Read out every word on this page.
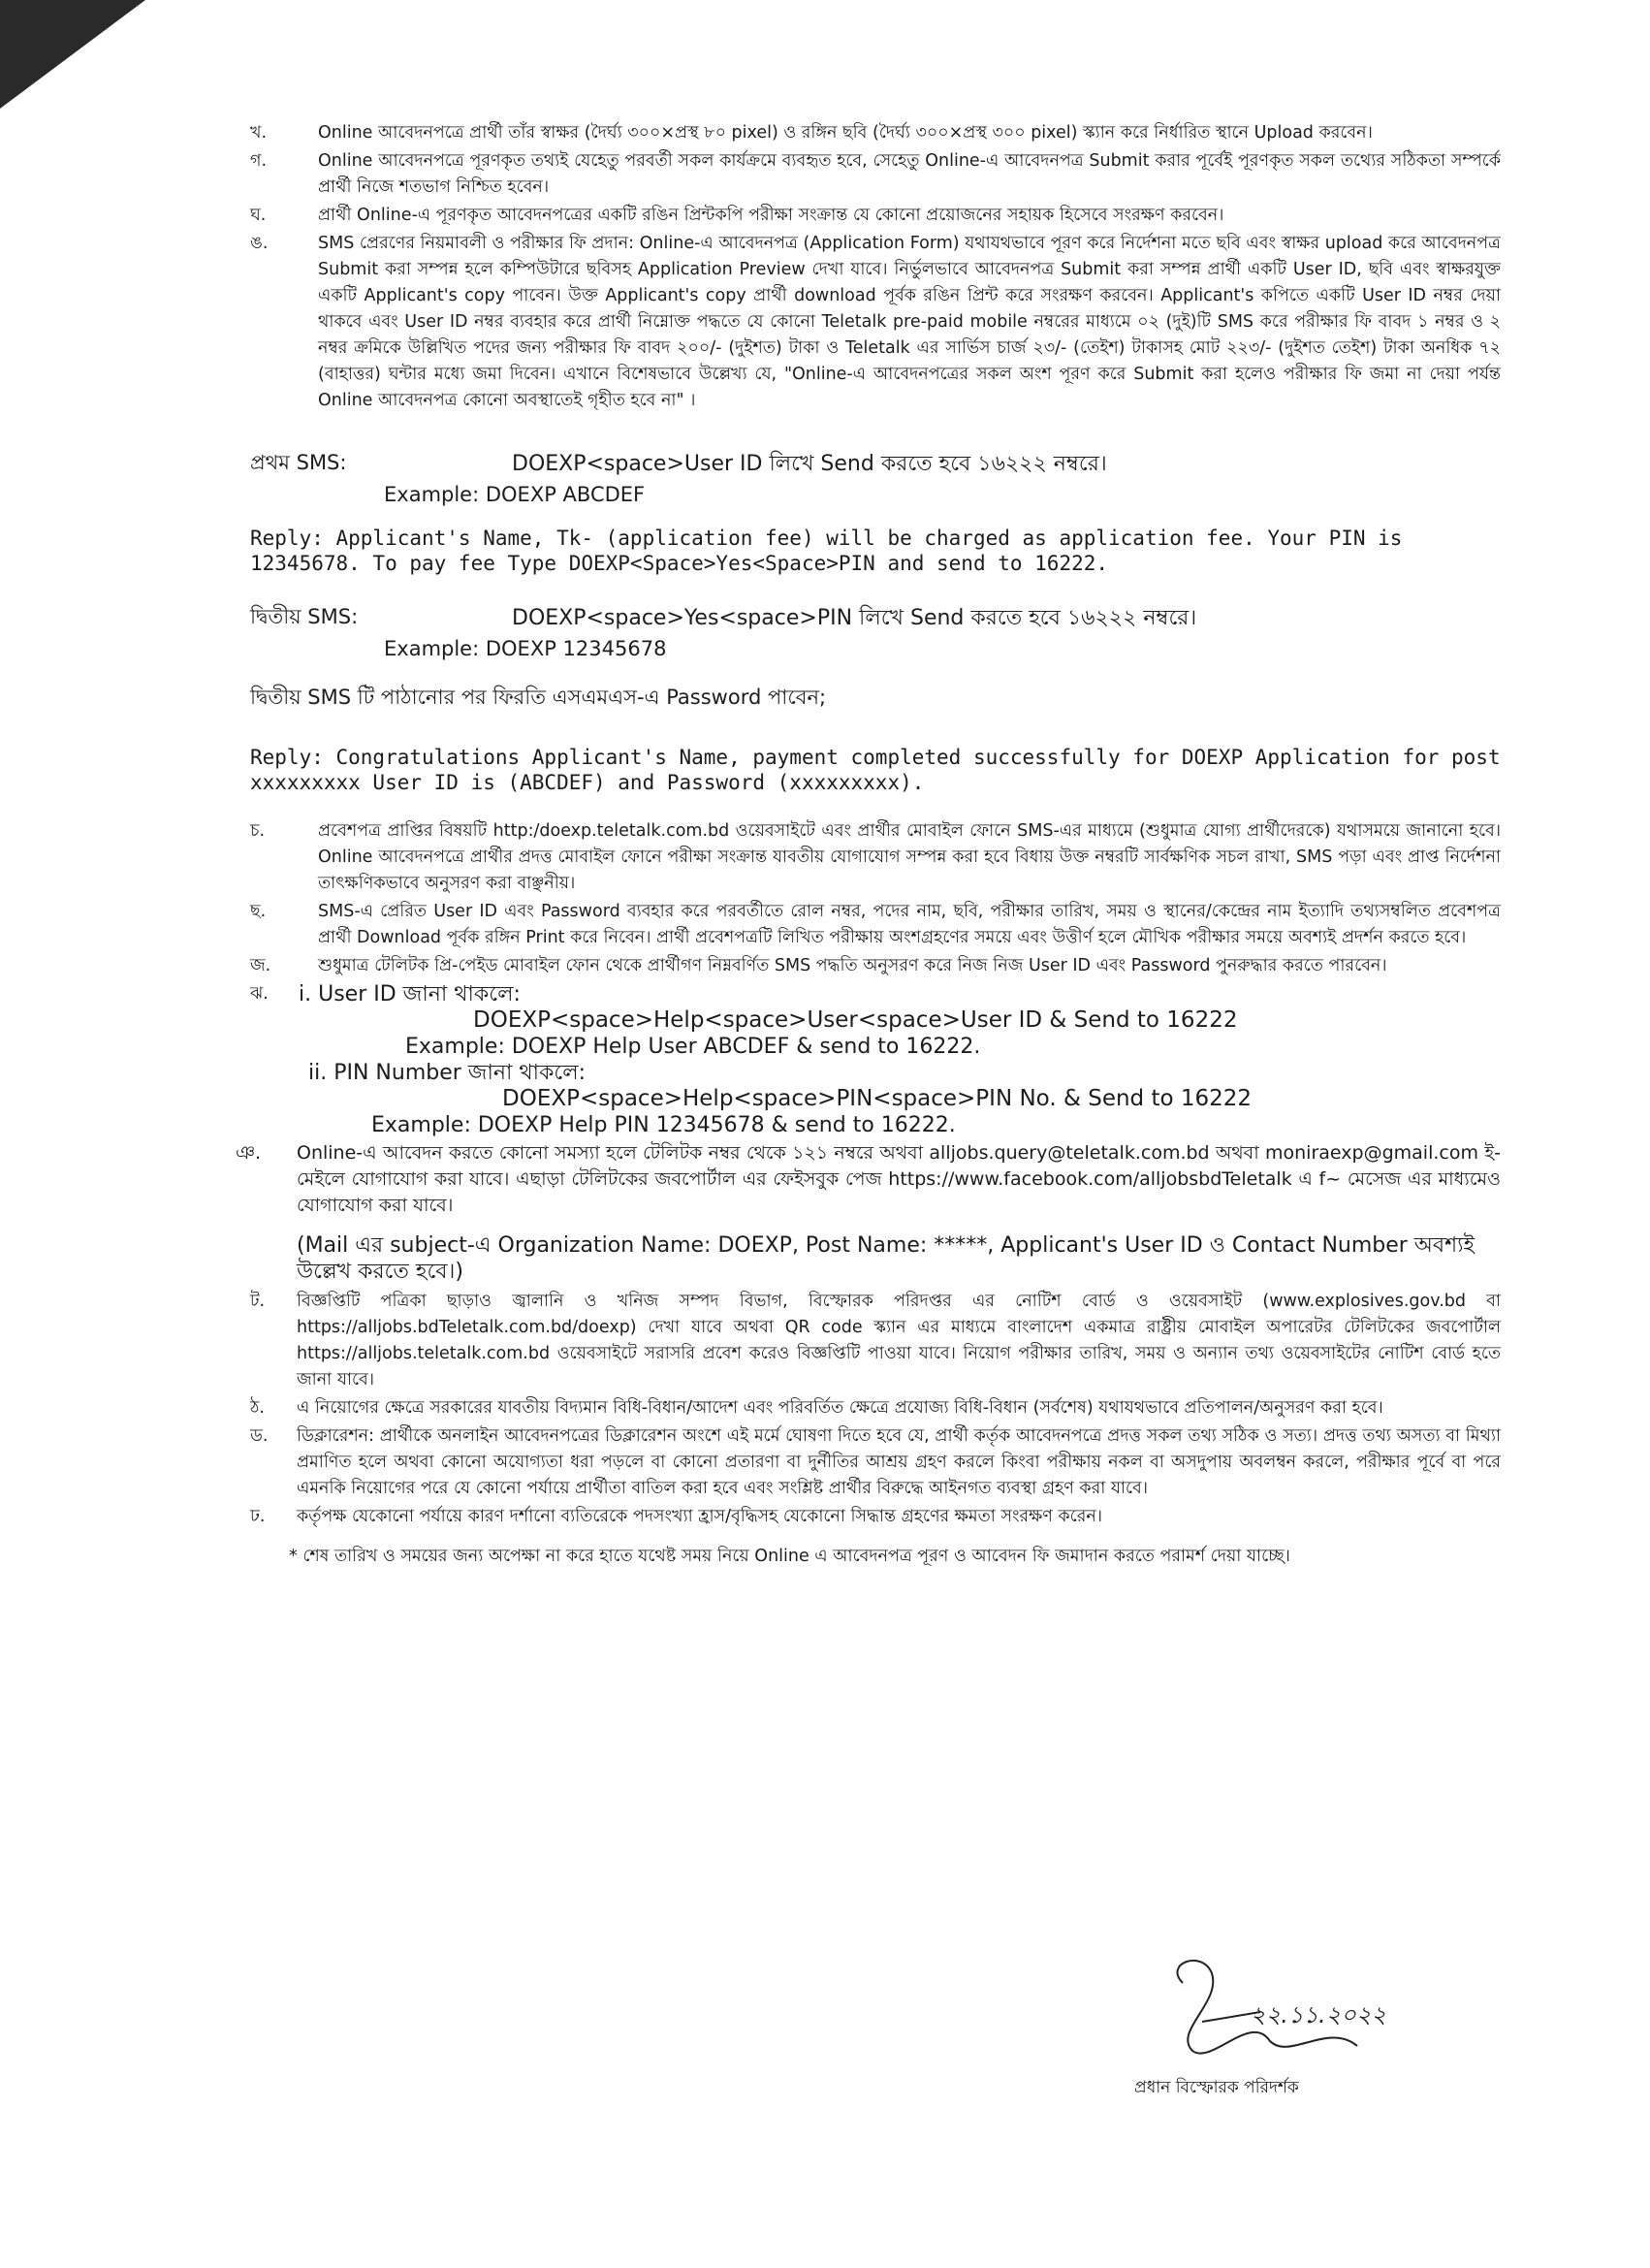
খ.	Online আবেদনপত্রে প্রার্থী তাঁর স্বাক্ষর (দৈর্ঘ্য ৩০০×প্রস্থ ৮০ pixel) ও রঙ্গিন ছবি (দৈর্ঘ্য ৩০০×প্রস্থ ৩০০ pixel) স্ক্যান করে নির্ধারিত স্থানে Upload করবেন।
গ.	Online আবেদনপত্রে পূরণকৃত তথ্যই যেহেতু পরবর্তী সকল কার্যক্রমে ব্যবহৃত হবে, সেহেতু Online-এ আবেদনপত্র Submit করার পূর্বেই পূরণকৃত সকল তথ্যের সঠিকতা সম্পর্কে প্রার্থী নিজে শতভাগ নিশ্চিত হবেন।
ঘ.	প্রার্থী Online-এ পূরণকৃত আবেদনপত্রের একটি রঙিন প্রিন্টকপি পরীক্ষা সংক্রান্ত যে কোনো প্রয়োজনের সহায়ক হিসেবে সংরক্ষণ করবেন।
ঙ.	SMS প্রেরণের নিয়মাবলী ও পরীক্ষার ফি প্রদান: Online-এ আবেদনপত্র (Application Form) যথাযথভাবে পূরণ করে নির্দেশনা মতে ছবি এবং স্বাক্ষর upload করে আবেদনপত্র Submit করা সম্পন্ন হলে কম্পিউটারে ছবিসহ Application Preview দেখা যাবে। নির্ভুলভাবে আবেদনপত্র Submit করা সম্পন্ন প্রার্থী একটি User ID, ছবি এবং স্বাক্ষরযুক্ত একটি Applicant's copy পাবেন। উক্ত Applicant's copy প্রার্থী download পূর্বক রঙিন প্রিন্ট করে সংরক্ষণ করবেন। Applicant's কপিতে একটি User ID নম্বর দেয়া থাকবে এবং User ID নম্বর ব্যবহার করে প্রার্থী নিম্নোক্ত পদ্ধতে যে কোনো Teletalk pre-paid mobile নম্বরের মাধ্যমে ০২ (দুই)টি SMS করে পরীক্ষার ফি বাবদ ১ নম্বর ও ২ নম্বর ক্রমিকে উল্লিখিত পদের জন্য পরীক্ষার ফি বাবদ ২০০/- (দুইশত) টাকা ও Teletalk এর সার্ভিস চার্জ ২৩/- (তেইশ) টাকাসহ মোট ২২৩/- (দুইশত তেইশ) টাকা অনধিক ৭২ (বাহাত্তর) ঘন্টার মধ্যে জমা দিবেন। এখানে বিশেষভাবে উল্লেখ্য যে, "Online-এ আবেদনপত্রের সকল অংশ পূরণ করে Submit করা হলেও পরীক্ষার ফি জমা না দেয়া পর্যন্ত Online আবেদনপত্র কোনো অবস্থাতেই গৃহীত হবে না" ।
প্রথম SMS:	DOEXP<space>User ID লিখে Send করতে হবে ১৬২২২ নম্বরে।
Example: DOEXP ABCDEF
Reply: Applicant's Name, Tk- (application fee) will be charged as application fee. Your PIN is 12345678. To pay fee Type DOEXP<Space>Yes<Space>PIN and send to 16222.
দ্বিতীয় SMS:	DOEXP<space>Yes<space>PIN লিখে Send করতে হবে ১৬২২২ নম্বরে।
Example: DOEXP 12345678
দ্বিতীয় SMS টি পাঠানোর পর ফিরতি এসএমএস-এ Password পাবেন;
Reply: Congratulations Applicant's Name, payment completed successfully for DOEXP Application for post xxxxxxxxx User ID is (ABCDEF) and Password (xxxxxxxxx).
চ.	প্রবেশপত্র প্রাপ্তির বিষয়টি http:/doexp.teletalk.com.bd ওয়েবসাইটে এবং প্রার্থীর মোবাইল ফোনে SMS-এর মাধ্যমে (শুধুমাত্র যোগ্য প্রার্থীদেরকে) যথাসময়ে জানানো হবে। Online আবেদনপত্রে প্রার্থীর প্রদত্ত মোবাইল ফোনে পরীক্ষা সংক্রান্ত যাবতীয় যোগাযোগ সম্পন্ন করা হবে বিধায় উক্ত নম্বরটি সার্বক্ষণিক সচল রাখা, SMS পড়া এবং প্রাপ্ত নির্দেশনা তাৎক্ষণিকভাবে অনুসরণ করা বাঞ্ছনীয়।
ছ.	SMS-এ প্রেরিত User ID এবং Password ব্যবহার করে পরবর্তীতে রোল নম্বর, পদের নাম, ছবি, পরীক্ষার তারিখ, সময় ও স্থানের/কেন্দ্রের নাম ইত্যাদি তথ্যসম্বলিত প্রবেশপত্র প্রার্থী Download পূর্বক রঙ্গিন Print করে নিবেন। প্রার্থী প্রবেশপত্রটি লিখিত পরীক্ষায় অংশগ্রহণের সময়ে এবং উত্তীর্ণ হলে মৌখিক পরীক্ষার সময়ে অবশ্যই প্রদর্শন করতে হবে।
জ.	শুধুমাত্র টেলিটক প্রি-পেইড মোবাইল ফোন থেকে প্রার্থীগণ নিম্নবর্ণিত SMS পদ্ধতি অনুসরণ করে নিজ নিজ User ID এবং Password পুনরুদ্ধার করতে পারবেন।
ঝ.	i. User ID জানা থাকলে:
DOEXP<space>Help<space>User<space>User ID & Send to 16222
Example: DOEXP Help User ABCDEF & send to 16222.
ii. PIN Number জানা থাকলে:
DOEXP<space>Help<space>PIN<space>PIN No. & Send to 16222
Example: DOEXP Help PIN 12345678 & send to 16222.
ঞ.	Online-এ আবেদন করতে কোনো সমস্যা হলে টেলিটক নম্বর থেকে ১২১ নম্বরে অথবা alljobs.query@teletalk.com.bd অথবা monirаexp@gmail.com ই-মেইলে যোগাযোগ করা যাবে। এছাড়া টেলিটকের জবপোর্টাল এর ফেইসবুক পেজ https://www.facebook.com/alljobsbdTeletalk এ f~ মেসেজ এর মাধ্যমেও যোগাযোগ করা যাবে।
(Mail এর subject-এ Organization Name: DOEXP, Post Name: *****, Applicant's User ID ও Contact Number অবশ্যই উল্লেখ করতে হবে।)
ট.	বিজ্ঞপ্তিটি পত্রিকা ছাড়াও জ্বালানি ও খনিজ সম্পদ বিভাগ, বিস্ফোরক পরিদপ্তর এর নোটিশ বোর্ড ও ওয়েবসাইট (www.explosives.gov.bd বা https://alljobs.bdTeletalk.com.bd/doexp) দেখা যাবে অথবা QR code স্ক্যান এর মাধ্যমে বাংলাদেশ একমাত্র রাষ্ট্রীয় মোবাইল অপারেটর টেলিটকের জবপোর্টাল https://alljobs.teletalk.com.bd ওয়েবসাইটে সরাসরি প্রবেশ করেও বিজ্ঞপ্তিটি পাওয়া যাবে। নিয়োগ পরীক্ষার তারিখ, সময় ও অন্যান তথ্য ওয়েবসাইটের নোটিশ বোর্ড হতে জানা যাবে।
ঠ.	এ নিয়োগের ক্ষেত্রে সরকারের যাবতীয় বিদ্যমান বিধি-বিধান/আদেশ এবং পরিবর্তিত ক্ষেত্রে প্রযোজ্য বিধি-বিধান (সর্বশেষ) যথাযথভাবে প্রতিপালন/অনুসরণ করা হবে।
ড.	ডিক্লারেশন: প্রার্থীকে অনলাইন আবেদনপত্রের ডিক্লারেশন অংশে এই মর্মে ঘোষণা দিতে হবে যে, প্রার্থী কর্তৃক আবেদনপত্রে প্রদত্ত সকল তথ্য সঠিক ও সত্য। প্রদত্ত তথ্য অসত্য বা মিথ্যা প্রমাণিত হলে অথবা কোনো অযোগ্যতা ধরা পড়লে বা কোনো প্রতারণা বা দুর্নীতির আশ্রয় গ্রহণ করলে কিংবা পরীক্ষায় নকল বা অসদুপায় অবলম্বন করলে, পরীক্ষার পূর্বে বা পরে এমনকি নিয়োগের পরে যে কোনো পর্যায়ে প্রার্থীতা বাতিল করা হবে এবং সংশ্লিষ্ট প্রার্থীর বিরুদ্ধে আইনগত ব্যবস্থা গ্রহণ করা যাবে।
ঢ.	কর্তৃপক্ষ যেকোনো পর্যায়ে কারণ দর্শানো ব্যতিরেকে পদসংখ্যা হ্রাস/বৃদ্ধিসহ যেকোনো সিদ্ধান্ত গ্রহণের ক্ষমতা সংরক্ষণ করেন।
* শেষ তারিখ ও সময়ের জন্য অপেক্ষা না করে হাতে যথেষ্ট সময় নিয়ে Online এ আবেদনপত্র পূরণ ও আবেদন ফি জমাদান করতে পরামর্শ দেয়া যাচ্ছে।
২২.১১.২০২২
প্রধান বিস্ফোরক পরিদর্শক
